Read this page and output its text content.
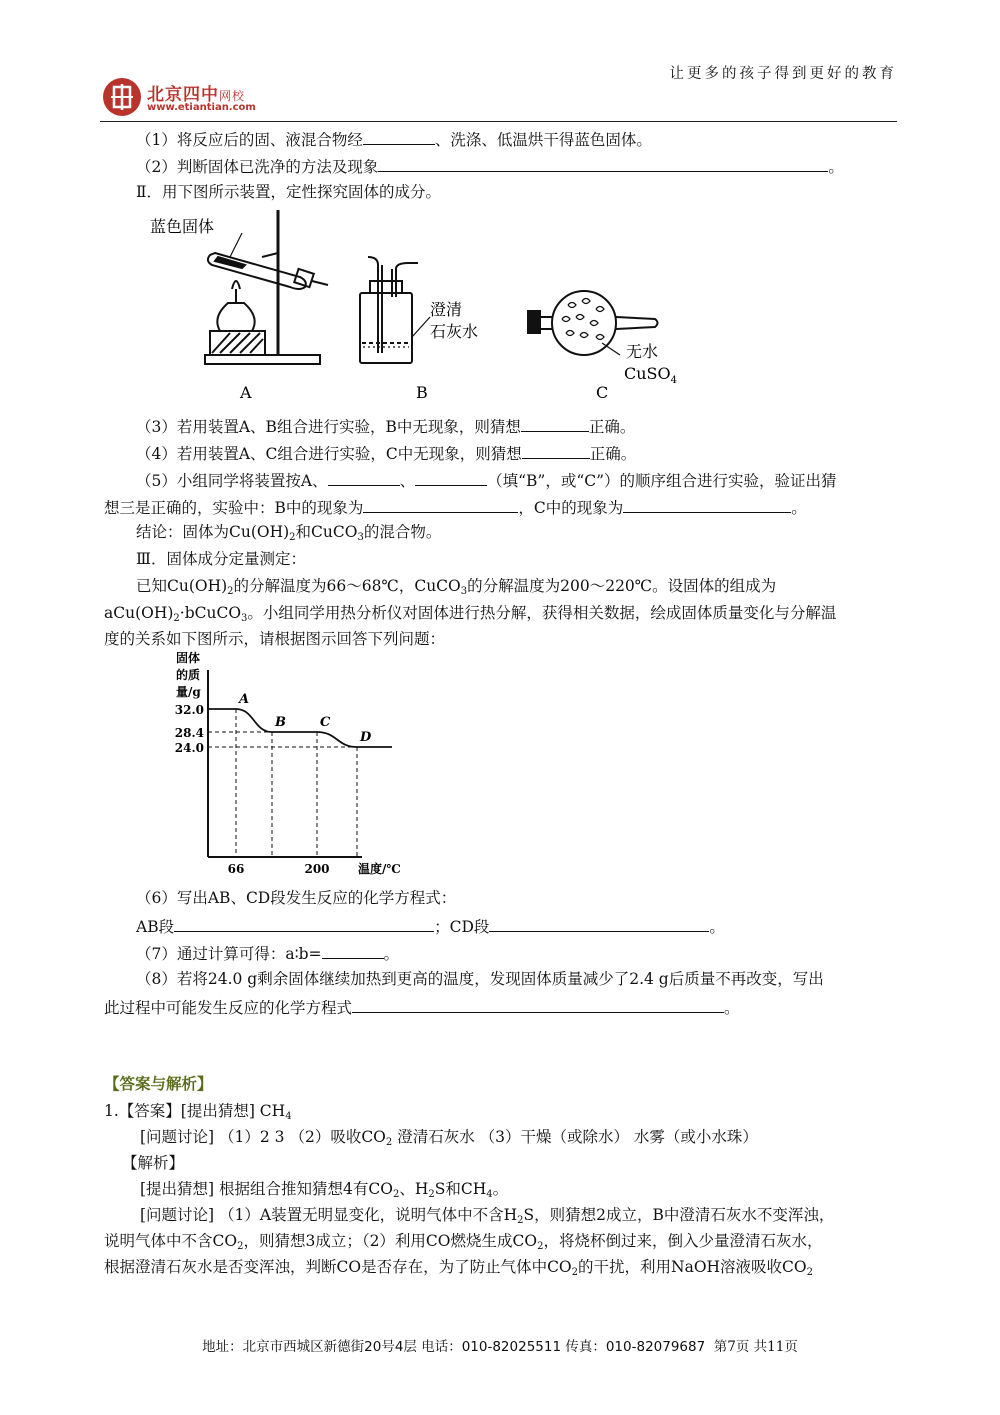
北京四中网校
www.etiantian.com
让更多的孩子得到更好的教育
（1）将反应后的固、液混合物经	、洗涤、低温烘干得蓝色固体。
（2）判断固体已洗净的方法及现象	。
Ⅱ．用下图所示装置，定性探究固体的成分。
蓝色固体
澄清
石灰水
无水
CuSO$_4$
A	B	C
（3）若用装置A、B组合进行实验，B中无现象，则猜想	正确。
（4）若用装置A、C组合进行实验，C中无现象，则猜想	正确。
（5）小组同学将装置按A、	、	（填“B”，或“C”）的顺序组合进行实验，验证出猜
想三是正确的，实验中：B中的现象为	，C中的现象为	。
结论：固体为$Cu(OH)_2$和CuCO$_3$的混合物。
Ⅲ．固体成分定量测定：
已知$Cu(OH)_2$的分解温度为66～68℃，CuCO$_3$的分解温度为200～220℃。设固体的组成为
$aCu(OH)_2\cdot bCuCO_3$。小组同学用热分析仪对固体进行热分解，获得相关数据，绘成固体质量变化与分解温
度的关系如下图所示，请根据图示回答下列问题：
固体
的质
量/g
温度/℃
32.0
28.4
24.0
66	200
A
B	C
D
（6）写出AB、CD段发生反应的化学方程式：
AB段	；CD段	。
（7）通过计算可得：a∶b=	。
（8）若将24.0 g剩余固体继续加热到更高的温度，发现固体质量减少了2.4 g后质量不再改变，写出
此过程中可能发生反应的化学方程式	。
【答案与解析】
1.【答案】[提出猜想] $CH_4$
[问题讨论] （1）2 3 （2）吸收$CO_2$ 澄清石灰水 （3）干燥（或除水） 水雾（或小水珠）
【解析】
[提出猜想] 根据组合推知猜想4有$CO_2$、$H_2S$和$CH_4$。
[问题讨论] （1）A装置无明显变化，说明气体中不含$H_2S$，则猜想2成立，B中澄清石灰水不变浑浊，
说明气体中不含$CO_2$，则猜想3成立；（2）利用CO燃烧生成$CO_2$，将烧杯倒过来，倒入少量澄清石灰水，
根据澄清石灰水是否变浑浊，判断CO是否存在，为了防止气体中$CO_2$的干扰，利用NaOH溶液吸收$CO_2$
地址：北京市西城区新德街20号4层 电话：010-82025511 传真：010-82079687 第7页 共11页
